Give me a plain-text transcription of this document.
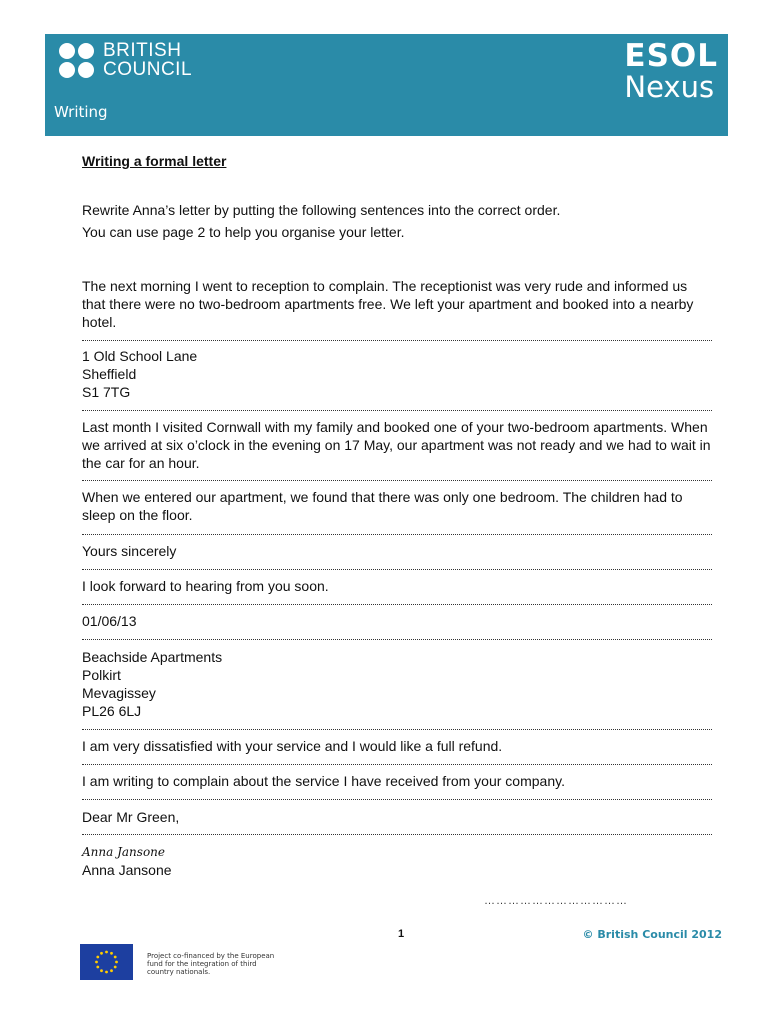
BRITISH
COUNCIL
Writing
ESOL
Nexus
Writing a formal letter
Rewrite Anna’s letter by putting the following sentences into the correct order.
You can use page 2 to help you organise your letter.
The next morning I went to reception to complain. The receptionist was very rude and informed us
that there were no two-bedroom apartments free. We left your apartment and booked into a nearby
hotel.
1 Old School Lane
Sheffield
S1 7TG
Last month I visited Cornwall with my family and booked one of your two-bedroom apartments. When
we arrived at six o’clock in the evening on 17 May, our apartment was not ready and we had to wait in
the car for an hour.
When we entered our apartment, we found that there was only one bedroom. The children had to
sleep on the floor.
Yours sincerely
I look forward to hearing from you soon.
01/06/13
Beachside Apartments
Polkirt
Mevagissey
PL26 6LJ
I am very dissatisfied with your service and I would like a full refund.
I am writing to complain about the service I have received from your company.
Dear Mr Green,
Anna Jansone
Anna Jansone
………………………………
1	© British Council 2012
Project co-financed by the European fund for the integration of third country nationals.
